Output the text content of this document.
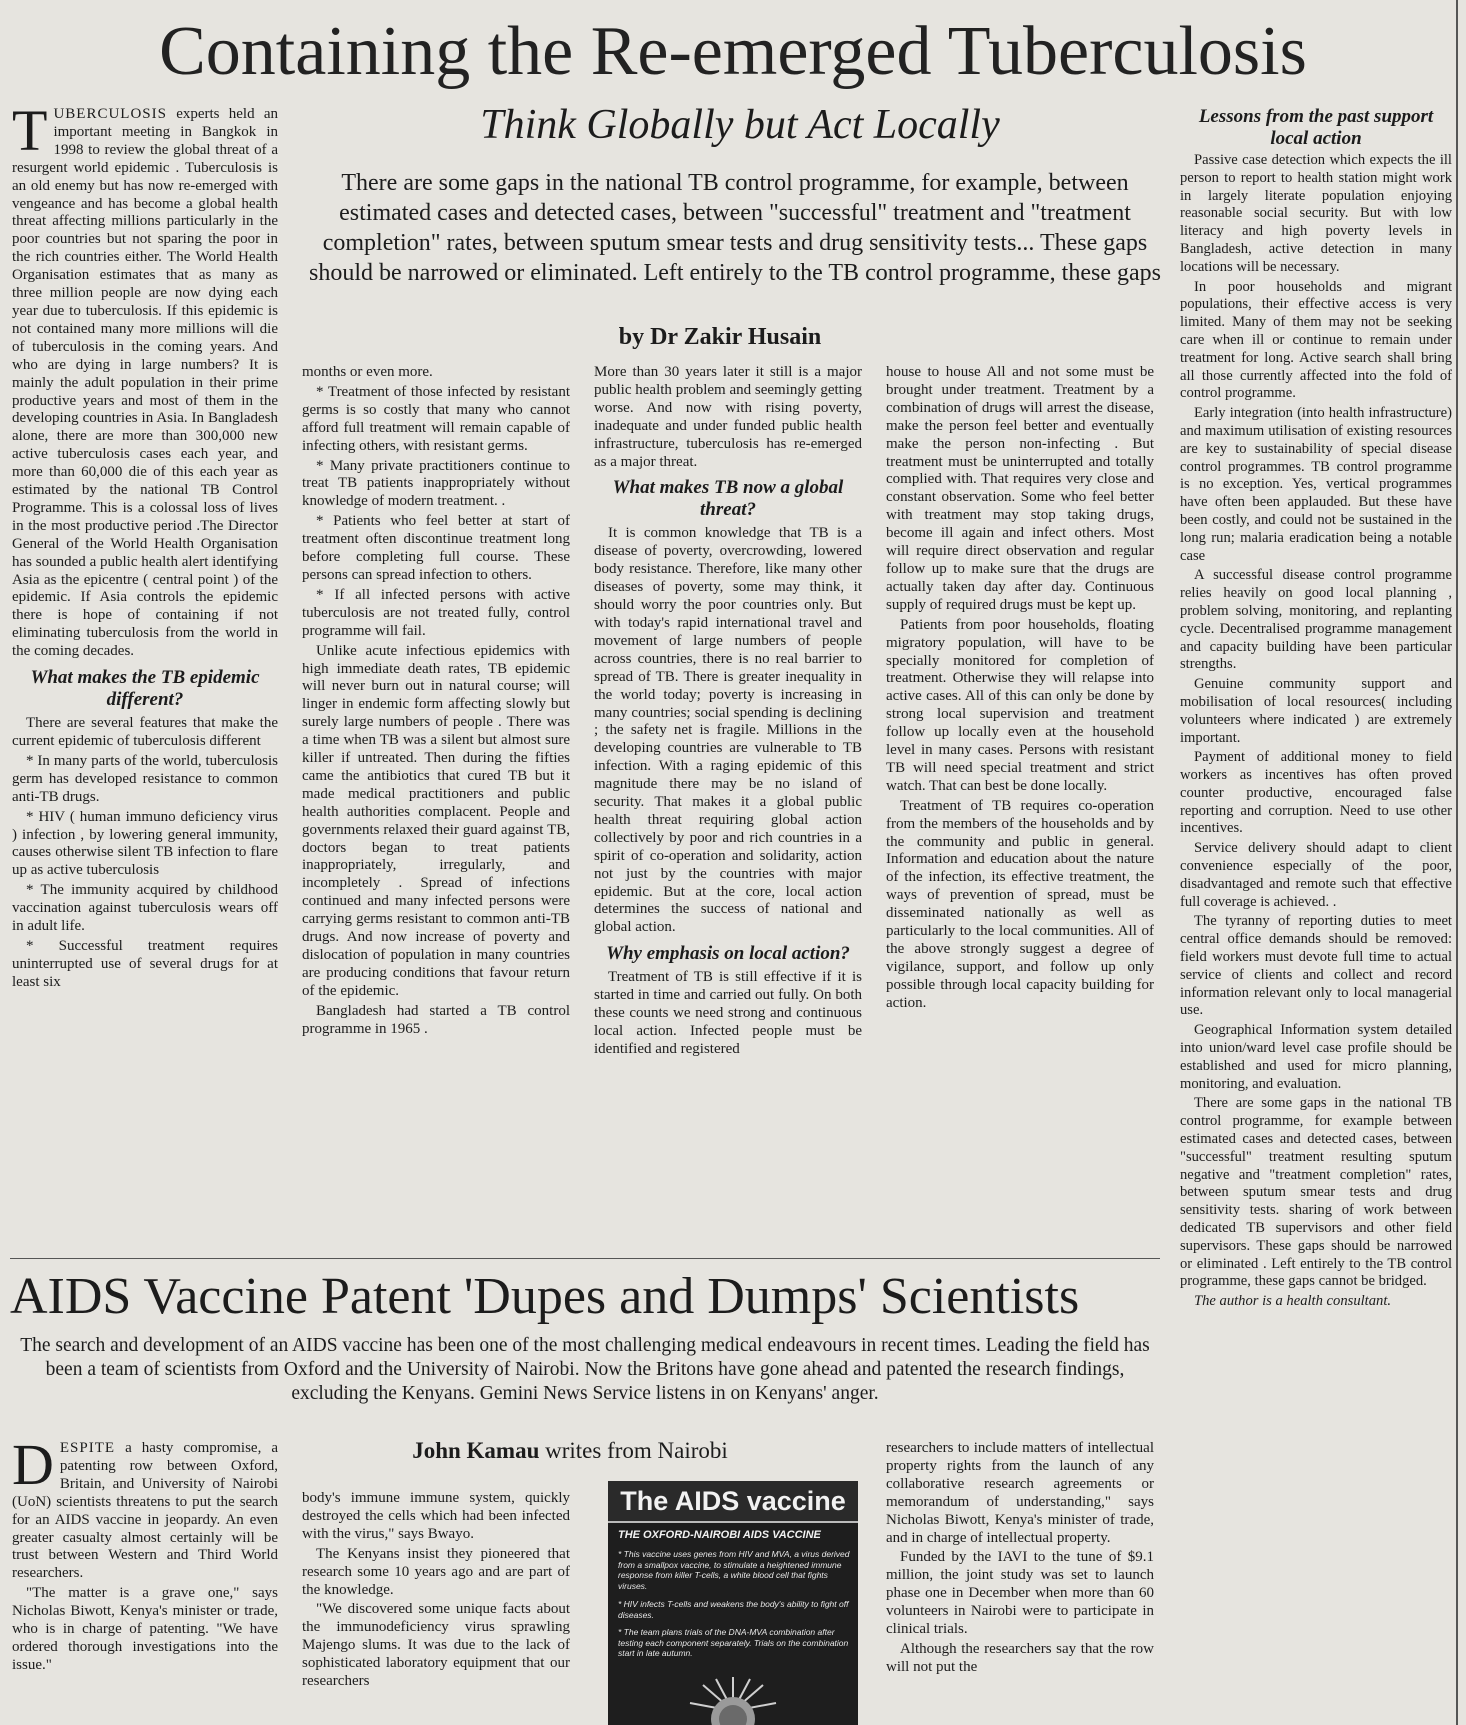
Containing the Re-emerged Tuberculosis
Think Globally but Act Locally
There are some gaps in the national TB control programme, for example, between estimated cases and detected cases, between "successful" treatment and "treatment completion" rates, between sputum smear tests and drug sensitivity tests... These gaps should be narrowed or eliminated. Left entirely to the TB control programme, these gaps
by Dr Zakir Husain

TUBERCULOSIS experts held an important meeting in Bangkok in 1998 to review the global threat of a resurgent world epidemic . Tuberculosis is an old enemy but has now re-emerged with vengeance and has become a global health threat affecting millions particularly in the poor countries but not sparing the poor in the rich countries either. The World Health Organisation estimates that as many as three million people are now dying each year due to tuberculosis. If this epidemic is not contained many more millions will die of tuberculosis in the coming years. And who are dying in large numbers? It is mainly the adult population in their prime productive years and most of them in the developing countries in Asia. In Bangladesh alone, there are more than 300,000 new active tuberculosis cases each year, and more than 60,000 die of this each year as estimated by the national TB Control Programme. This is a colossal loss of lives in the most productive period .The Director General of the World Health Organisation has sounded a public health alert identifying Asia as the epicentre ( central point ) of the epidemic. If Asia controls the epidemic there is hope of containing if not eliminating tuberculosis from the world in the coming decades.

What makes the TB epidemic different?

There are several features that make the current epidemic of tuberculosis different

* In many parts of the world, tuberculosis germ has developed resistance to common anti-TB drugs.

* HIV ( human immuno deficiency virus ) infection , by lowering general immunity, causes otherwise silent TB infection to flare up as active tuberculosis

* The immunity acquired by childhood vaccination against tuberculosis wears off in adult life.

* Successful treatment requires uninterrupted use of several drugs for at least six

months or even more.

* Treatment of those infected by resistant germs is so costly that many who cannot afford full treatment will remain capable of infecting others, with resistant germs.

* Many private practitioners continue to treat TB patients inappropriately without knowledge of modern treatment. .

* Patients who feel better at start of treatment often discontinue treatment long before completing full course. These persons can spread infection to others.

* If all infected persons with active tuberculosis are not treated fully, control programme will fail.

Unlike acute infectious epidemics with high immediate death rates, TB epidemic will never burn out in natural course; will linger in endemic form affecting slowly but surely large numbers of people . There was a time when TB was a silent but almost sure killer if untreated. Then during the fifties came the antibiotics that cured TB but it made medical practitioners and public health authorities complacent. People and governments relaxed their guard against TB, doctors began to treat patients inappropriately, irregularly, and incompletely . Spread of infections continued and many infected persons were carrying germs resistant to common anti-TB drugs. And now increase of poverty and dislocation of population in many countries are producing conditions that favour return of the epidemic.

Bangladesh had started a TB control programme in 1965 .

More than 30 years later it still is a major public health problem and seemingly getting worse. And now with rising poverty, inadequate and under funded public health infrastructure, tuberculosis has re-emerged as a major threat.

What makes TB now a global threat?

It is common knowledge that TB is a disease of poverty, overcrowding, lowered body resistance. Therefore, like many other diseases of poverty, some may think, it should worry the poor countries only. But with today's rapid international travel and movement of large numbers of people across countries, there is no real barrier to spread of TB. There is greater inequality in the world today; poverty is increasing in many countries; social spending is declining ; the safety net is fragile. Millions in the developing countries are vulnerable to TB infection. With a raging epidemic of this magnitude there may be no island of security. That makes it a global public health threat requiring global action collectively by poor and rich countries in a spirit of co-operation and solidarity, action not just by the countries with major epidemic. But at the core, local action determines the success of national and global action.

Why emphasis on local action?

Treatment of TB is still effective if it is started in time and carried out fully. On both these counts we need strong and continuous local action. Infected people must be identified and registered

house to house All and not some must be brought under treatment. Treatment by a combination of drugs will arrest the disease, make the person feel better and eventually make the person non-infecting . But treatment must be uninterrupted and totally complied with. That requires very close and constant observation. Some who feel better with treatment may stop taking drugs, become ill again and infect others. Most will require direct observation and regular follow up to make sure that the drugs are actually taken day after day. Continuous supply of required drugs must be kept up.

Patients from poor households, floating migratory population, will have to be specially monitored for completion of treatment. Otherwise they will relapse into active cases. All of this can only be done by strong local supervision and treatment follow up locally even at the household level in many cases. Persons with resistant TB will need special treatment and strict watch. That can best be done locally.

Treatment of TB requires co-operation from the members of the households and by the community and public in general. Information and education about the nature of the infection, its effective treatment, the ways of prevention of spread, must be disseminated nationally as well as particularly to the local communities. All of the above strongly suggest a degree of vigilance, support, and follow up only possible through local capacity building for action.

Lessons from the past support local action

Passive case detection which expects the ill person to report to health station might work in largely literate population enjoying reasonable social security. But with low literacy and high poverty levels in Bangladesh, active detection in many locations will be necessary.

In poor households and migrant populations, their effective access is very limited. Many of them may not be seeking care when ill or continue to remain under treatment for long. Active search shall bring all those currently affected into the fold of control programme.

Early integration (into health infrastructure) and maximum utilisation of existing resources are key to sustainability of special disease control programmes. TB control programme is no exception. Yes, vertical programmes have often been applauded. But these have been costly, and could not be sustained in the long run; malaria eradication being a notable case

A successful disease control programme relies heavily on good local planning , problem solving, monitoring, and replanting cycle. Decentralised programme management and capacity building have been particular strengths.

Genuine community support and mobilisation of local resources( including volunteers where indicated ) are extremely important.

Payment of additional money to field workers as incentives has often proved counter productive, encouraged false reporting and corruption. Need to use other incentives.

Service delivery should adapt to client convenience especially of the poor, disadvantaged and remote such that effective full coverage is achieved. .

The tyranny of reporting duties to meet central office demands should be removed: field workers must devote full time to actual service of clients and collect and record information relevant only to local managerial use.

Geographical Information system detailed into union/ward level case profile should be established and used for micro planning, monitoring, and evaluation.

There are some gaps in the national TB control programme, for example between estimated cases and detected cases, between "successful" treatment resulting sputum negative and "treatment completion" rates, between sputum smear tests and drug sensitivity tests. sharing of work between dedicated TB supervisors and other field supervisors. These gaps should be narrowed or eliminated . Left entirely to the TB control programme, these gaps cannot be bridged.

The author is a health consultant.

AIDS Vaccine Patent 'Dupes and Dumps' Scientists
The search and development of an AIDS vaccine has been one of the most challenging medical endeavours in recent times. Leading the field has been a team of scientists from Oxford and the University of Nairobi. Now the Britons have gone ahead and patented the research findings, excluding the Kenyans. Gemini News Service listens in on Kenyans' anger.
John Kamau writes from Nairobi

DESPITE a hasty compromise, a patenting row between Oxford, Britain, and University of Nairobi (UoN) scientists threatens to put the search for an AIDS vaccine in jeopardy. An even greater casualty almost certainly will be trust between Western and Third World researchers.

"The matter is a grave one," says Nicholas Biwott, Kenya's minister or trade, who is in charge of patenting. "We have ordered thorough investigations into the issue."

body's immune immune system, quickly destroyed the cells which had been infected with the virus," says Bwayo.

The Kenyans insist they pioneered that research some 10 years ago and are part of the knowledge.

"We discovered some unique facts about the immunodeficiency virus sprawling Majengo slums. It was due to the lack of sophisticated laboratory equipment that our researchers

The AIDS vaccine
THE OXFORD-NAIROBI AIDS VACCINE
* This vaccine uses genes from HIV and MVA, a virus derived from a smallpox vaccine, to stimulate a heightened immune response from killer T-cells, a white blood cell that fights viruses.
* HIV infects T-cells and weakens the body's ability to fight off diseases.
* The team plans trials of the DNA-MVA combination after testing each component separately. Trials on the combination start in late autumn.

researchers to include matters of intellectual property rights from the launch of any collaborative research agreements or memorandum of understanding," says Nicholas Biwott, Kenya's minister of trade, and in charge of intellectual property.

Funded by the IAVI to the tune of $9.1 million, the joint study was set to launch phase one in December when more than 60 volunteers in Nairobi were to participate in clinical trials.

Although the researchers say that the row will not put the
